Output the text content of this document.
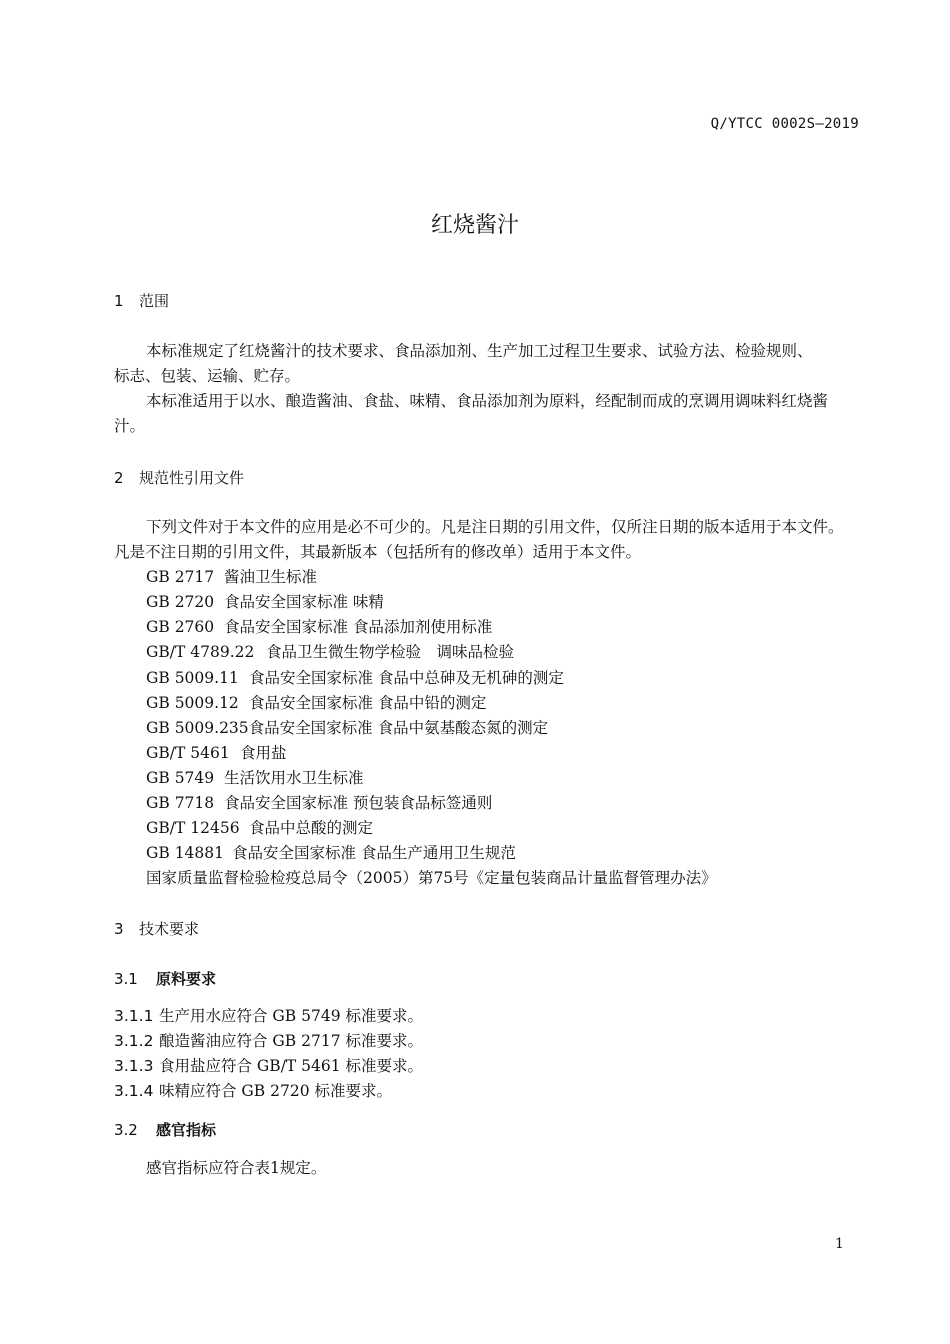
Q/YTCC 0002S—2019
红烧酱汁
1 范围
本标准规定了红烧酱汁的技术要求、食品添加剂、生产加工过程卫生要求、试验方法、检验规则、
标志、包装、运输、贮存。
本标准适用于以水、酿造酱油、食盐、味精、食品添加剂为原料，经配制而成的烹调用调味料红烧酱
汁。
2 规范性引用文件
下列文件对于本文件的应用是必不可少的。凡是注日期的引用文件，仅所注日期的版本适用于本文件。
凡是不注日期的引用文件，其最新版本（包括所有的修改单）适用于本文件。
GB 2717 酱油卫生标准
GB 2720 食品安全国家标准 味精
GB 2760 食品安全国家标准 食品添加剂使用标准
GB/T 4789.22 食品卫生微生物学检验　调味品检验
GB 5009.11 食品安全国家标准 食品中总砷及无机砷的测定
GB 5009.12 食品安全国家标准 食品中铅的测定
GB 5009.235食品安全国家标准 食品中氨基酸态氮的测定
GB/T 5461 食用盐
GB 5749 生活饮用水卫生标准
GB 7718 食品安全国家标准 预包装食品标签通则
GB/T 12456 食品中总酸的测定
GB 14881 食品安全国家标准 食品生产通用卫生规范
国家质量监督检验检疫总局令（2005）第75号《定量包装商品计量监督管理办法》
3 技术要求
3.1 原料要求
3.1.1 生产用水应符合 GB 5749 标准要求。
3.1.2 酿造酱油应符合 GB 2717 标准要求。
3.1.3 食用盐应符合 GB/T 5461 标准要求。
3.1.4 味精应符合 GB 2720 标准要求。
3.2 感官指标
感官指标应符合表1规定。
1
